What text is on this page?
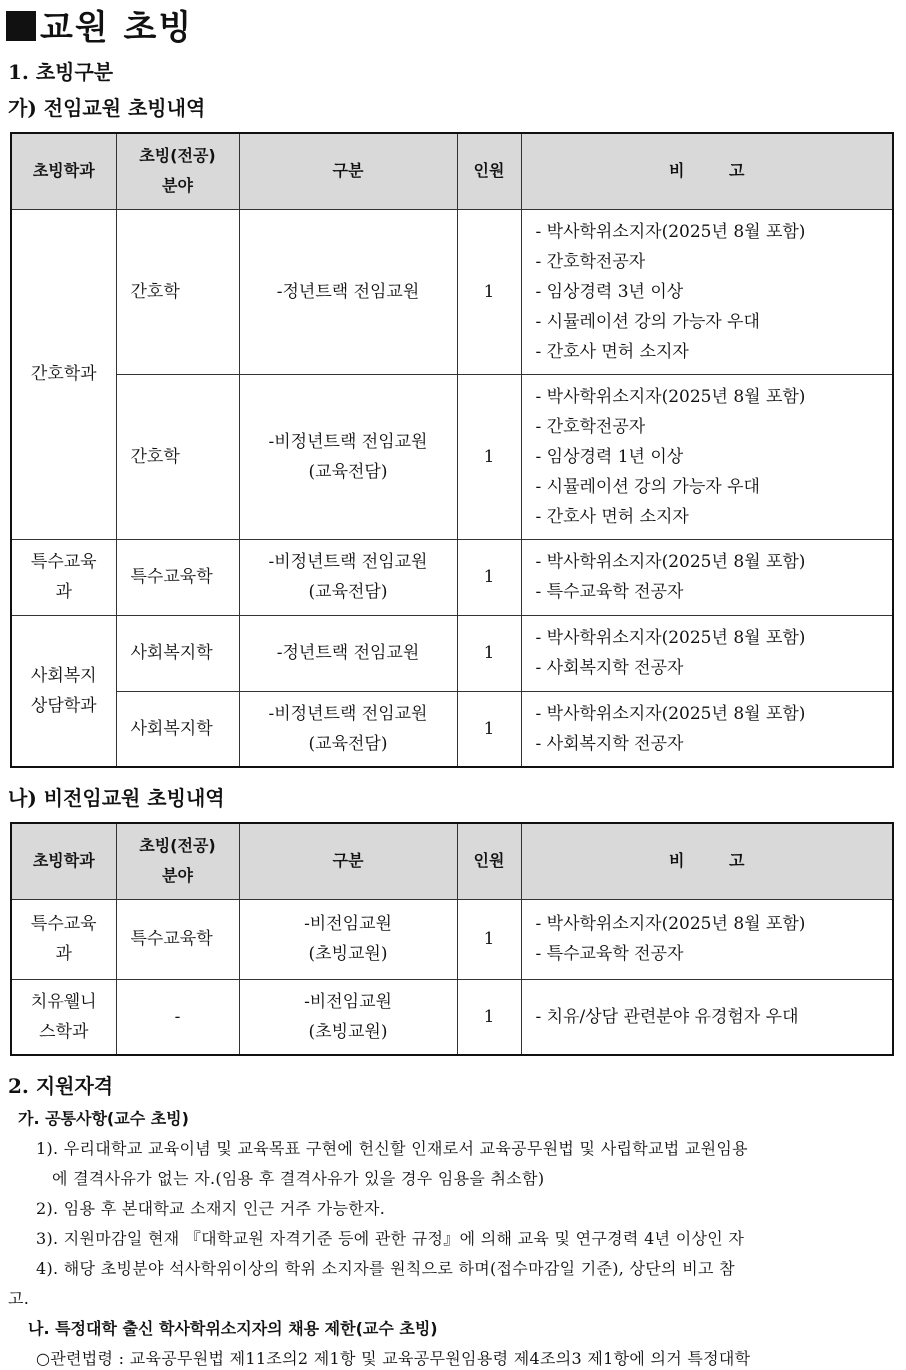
교원 초빙
1. 초빙구분
가) 전임교원 초빙내역
초빙학과	초빙(전공)
분야	구분	인원	비        고
간호학과	간호학	-정년트랙 전임교원	1	- 박사학위소지자(2025년 8월 포함)
- 간호학전공자
- 임상경력 3년 이상
- 시뮬레이션 강의 가능자 우대
- 간호사 면허 소지자

	간호학	-비정년트랙 전임교원
(교육전담)	1	- 박사학위소지자(2025년 8월 포함)
- 간호학전공자
- 임상경력 1년 이상
- 시뮬레이션 강의 가능자 우대
- 간호사 면허 소지자

특수교육
과	특수교육학	-비정년트랙 전임교원
(교육전담)	1	- 박사학위소지자(2025년 8월 포함)
- 특수교육학 전공자

사회복지
상담학과	사회복지학	-정년트랙 전임교원	1	- 박사학위소지자(2025년 8월 포함)
- 사회복지학 전공자

	사회복지학	-비정년트랙 전임교원
(교육전담)	1	- 박사학위소지자(2025년 8월 포함)
- 사회복지학 전공자
나) 비전임교원 초빙내역
초빙학과	초빙(전공)
분야	구분	인원	비        고

특수교육
과	특수교육학	-비전임교원
(초빙교원)	1	- 박사학위소지자(2025년 8월 포함)
- 특수교육학 전공자

치유웰니
스학과	-	-비전임교원
(초빙교원)	1	- 치유/상담 관련분야 유경험자 우대
2. 지원자격
가. 공통사항(교수 초빙)
1). 우리대학교 교육이념 및 교육목표 구현에 헌신할 인재로서 교육공무원법 및 사립학교법 교원임용
에 결격사유가 없는 자.(임용 후 결격사유가 있을 경우 임용을 취소함)
2). 임용 후 본대학교 소재지 인근 거주 가능한자.
3). 지원마감일 현재 『대학교원 자격기준 등에 관한 규정』에 의해 교육 및 연구경력 4년 이상인 자
4). 해당 초빙분야 석사학위이상의 학위 소지자를 원칙으로 하며(접수마감일 기준), 상단의 비고 참
고.
나. 특정대학 출신 학사학위소지자의 채용 제한(교수 초빙)
○관련법령 : 교육공무원법 제11조의2 제1항 및 교육공무원임용령 제4조의3 제1항에 의거 특정대학
